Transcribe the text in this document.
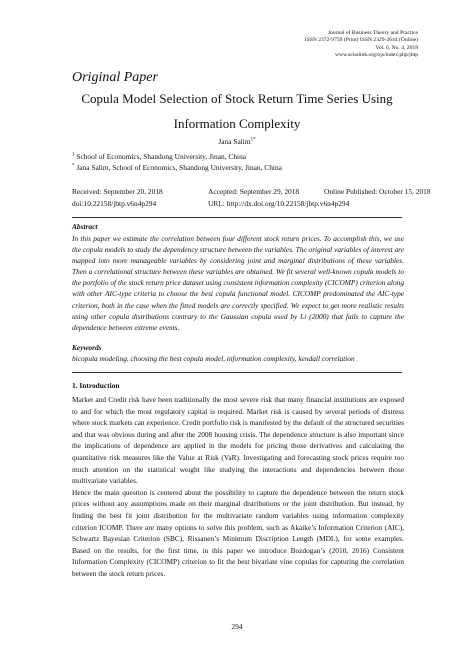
Journal of Business Theory and Practice
ISSN 2372-9759 (Print) ISSN 2329-2644 (Online)
Vol. 6, No. 4, 2018
www.scholink.org/ojs/index.php/jbtp
Original Paper
Copula Model Selection of Stock Return Time Series Using
Information Complexity
Jana Salim$^{1*}$
$^1$ School of Economics, Shandong University, Jinan, China
* Jana Salim, School of Economics, Shandong University, Jinan, China
Received: September 20, 2018	Accepted: September 29, 2018	Online Published: October 15, 2018
doi:10.22158/jbtp.v6n4p294	URL: http://dx.doi.org/10.22158/jbtp.v6n4p294
Abstract
In this paper we estimate the correlation between four different stock return prices. To accomplish this, we use the copula models to study the dependency structure between the variables. The original variables of interest are mapped into more manageable variables by considering joint and marginal distributions of these variables. Then a correlational structure between these variables are obtained. We fit several well-known copula models to the portfolio of the stock return price dataset using consistent information complexity (CICOMP) criterion along with other AIC-type criteria to choose the best copula functional model. CICOMP predominated the AIC-type criterion, both in the case when the fitted models are correctly specified. We expect to get more realistic results using other copula distributions contrary to the Gaussian copula used by Li (2000) that fails to capture the dependence between extreme events.
Keywords
bicopula modeling, choosing the best copula model, information complexity, kendall correlation
1. Introduction

Market and Credit risk have been traditionally the most severe risk that many financial institutions are exposed to and for which the most regulatory capital is required. Market risk is caused by several periods of distress where stock markets can experience. Credit portfolio risk is manifested by the default of the structured securities and that was obvious during and after the 2008 housing crisis. The dependence structure is also important since the implications of dependence are applied in the models for pricing those derivatives and calculating the quantitative risk measures like the Value at Risk (VaR). Investigating and forecasting stock prices require too much attention on the statistical weight like studying the interactions and dependencies between those multivariate variables.

Hence the main question is centered about the possibility to capture the dependence between the return stock prices without any assumptions made on their marginal distributions or the joint distribution. But instead, by finding the best fit joint distribution for the multivariate random variables using information complexity criterion ICOMP. There are many options to solve this problem, such as Akaike’s Information Criterion (AIC), Schwartz Bayesian Criterion (SBC), Rissanen’s Minimum Discription Length (MDL), for some examples. Based on the results, for the first time, in this paper we introduce Bozdogan’s (2010, 2016) Consistent Information Complexity (CICOMP) criterion to fit the best bivariate vine copulas for capturing the correlation between the stock return prices.

294
